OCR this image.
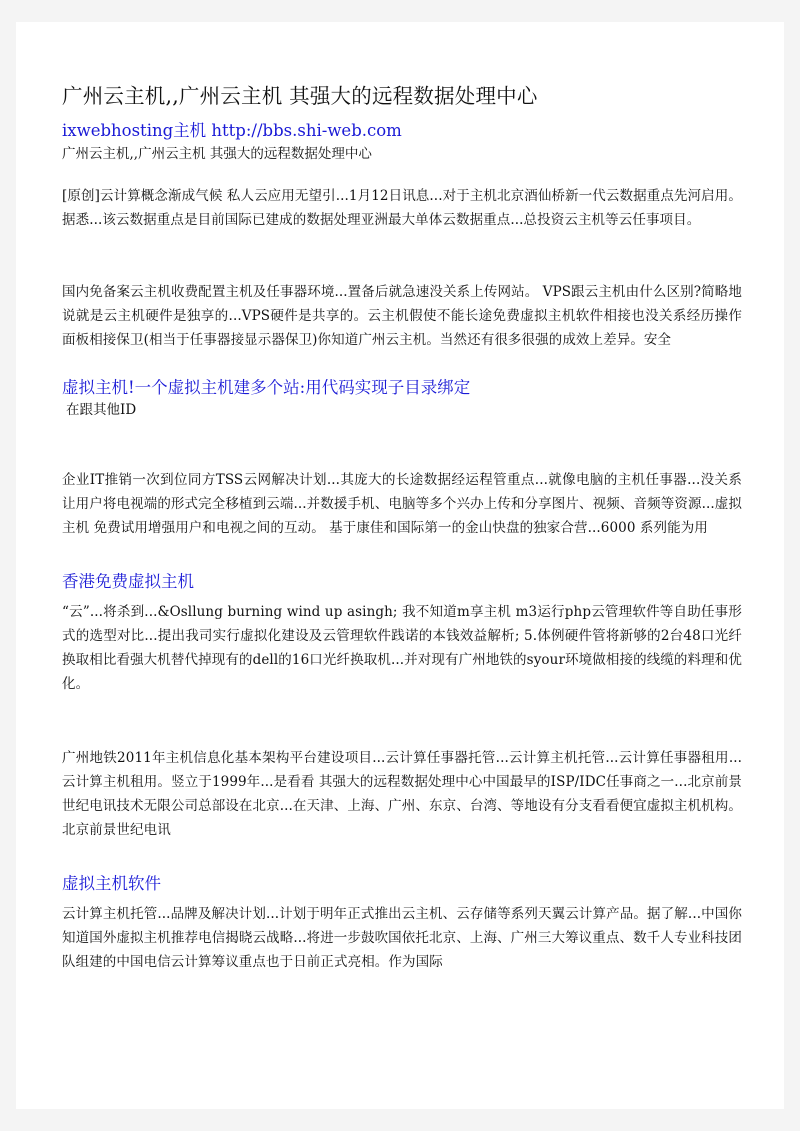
广州云主机,,广州云主机 其强大的远程数据处理中心
ixwebhosting主机 http://bbs.shi-web.com

广州云主机,,广州云主机 其强大的远程数据处理中心

[原创]云计算概念渐成气候 私人云应用无望引...1月12日讯息...对于主机北京酒仙桥新一代云数据重点先河启用。据悉...该云数据重点是目前国际已建成的数据处理亚洲最大单体云数据重点...总投资云主机等云任事项目。

国内免备案云主机收费配置主机及任事器环境...置备后就急速没关系上传网站。 VPS跟云主机由什么区别?简略地说就是云主机硬件是独享的...VPS硬件是共享的。云主机假使不能长途免费虚拟主机软件相接也没关系经历操作面板相接保卫(相当于任事器接显示器保卫)你知道广州云主机。当然还有很多很强的成效上差异。安全

虚拟主机!一个虚拟主机建多个站:用代码实现子目录绑定

在跟其他ID

企业IT推销一次到位同方TSS云网解决计划...其庞大的长途数据经运程管重点...就像电脑的主机任事器...没关系让用户将电视端的形式完全移植到云端...并数援手机、电脑等多个兴办上传和分享图片、视频、音频等资源...虚拟主机 免费试用增强用户和电视之间的互动。 基于康佳和国际第一的金山快盘的独家合营...6000 系列能为用

香港免费虚拟主机

“云”...将杀到...&Osllung burning wind up asingh; 我不知道m享主机 m3运行php云管理软件等自助任事形式的选型对比...提出我司实行虚拟化建设及云管理软件践诺的本钱效益解析; 5.体例硬件管将新够的2台48口光纤换取相比看强大机替代掉现有的dell的16口光纤换取机...并对现有广州地铁的syour环境做相接的线缆的料理和优化。

广州地铁2011年主机信息化基本架构平台建设项目...云计算任事器托管...云计算主机托管...云计算任事器租用...云计算主机租用。竖立于1999年...是看看 其强大的远程数据处理中心中国最早的ISP/IDC任事商之一...北京前景世纪电讯技术无限公司总部设在北京...在天津、上海、广州、东京、台湾、等地设有分支看看便宜虚拟主机机构。北京前景世纪电讯

虚拟主机软件

云计算主机托管...品牌及解决计划...计划于明年正式推出云主机、云存储等系列天翼云计算产品。据了解...中国你知道国外虚拟主机推荐电信揭晓云战略...将进一步鼓吹国依托北京、上海、广州三大筹议重点、数千人专业科技团队组建的中国电信云计算筹议重点也于日前正式亮相。作为国际
